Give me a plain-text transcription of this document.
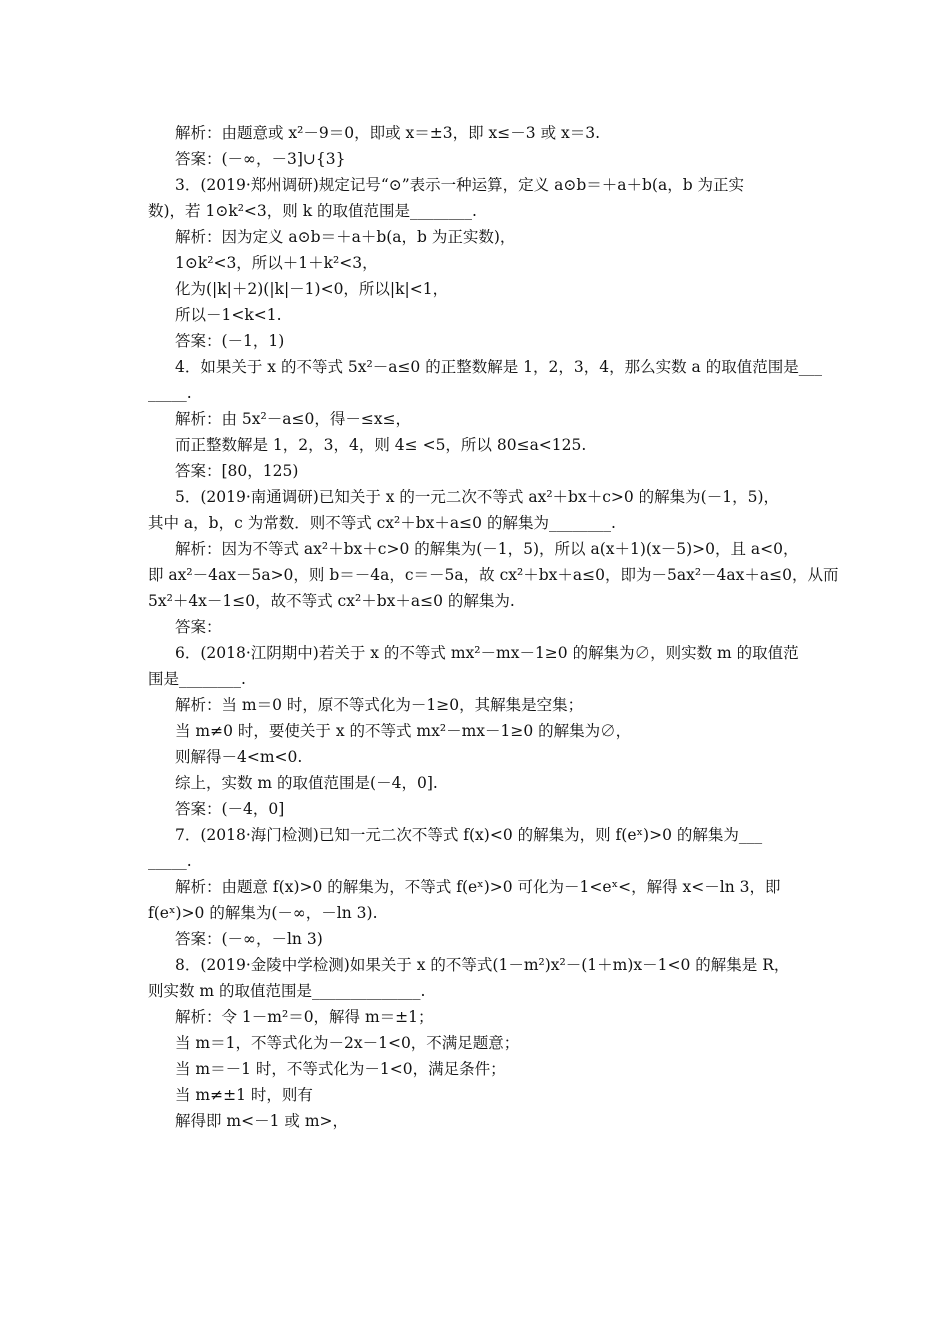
解析：由题意或 x²－9＝0，即或 x＝±3，即 x≤－3 或 x＝3.
答案：(－∞，－3]∪{3}
3．(2019·郑州调研)规定记号“⊙”表示一种运算，定义 a⊙b＝＋a＋b(a，b 为正实
数)，若 1⊙k²<3，则 k 的取值范围是________.
解析：因为定义 a⊙b＝＋a＋b(a，b 为正实数)，
1⊙k²<3，所以＋1＋k²<3，
化为(|k|＋2)(|k|－1)<0，所以|k|<1，
所以－1<k<1.
答案：(－1，1)
4．如果关于 x 的不等式 5x²－a≤0 的正整数解是 1，2，3，4，那么实数 a 的取值范围是___
_____.
解析：由 5x²－a≤0，得－≤x≤，
而正整数解是 1，2，3，4，则 4≤ <5，所以 80≤a<125.
答案：[80，125)
5．(2019·南通调研)已知关于 x 的一元二次不等式 ax²＋bx＋c>0 的解集为(－1，5)，
其中 a，b，c 为常数．则不等式 cx²＋bx＋a≤0 的解集为________.
解析：因为不等式 ax²＋bx＋c>0 的解集为(－1，5)，所以 a(x＋1)(x－5)>0，且 a<0，
即 ax²－4ax－5a>0，则 b＝－4a，c＝－5a，故 cx²＋bx＋a≤0，即为－5ax²－4ax＋a≤0，从而
5x²＋4x－1≤0，故不等式 cx²＋bx＋a≤0 的解集为.
答案：
6．(2018·江阴期中)若关于 x 的不等式 mx²－mx－1≥0 的解集为∅，则实数 m 的取值范
围是________.
解析：当 m＝0 时，原不等式化为－1≥0，其解集是空集；
当 m≠0 时，要使关于 x 的不等式 mx²－mx－1≥0 的解集为∅，
则解得－4<m<0.
综上，实数 m 的取值范围是(－4，0].
答案：(－4，0]
7．(2018·海门检测)已知一元二次不等式 f(x)<0 的解集为，则 f(eˣ)>0 的解集为___
_____.
解析：由题意 f(x)>0 的解集为，不等式 f(eˣ)>0 可化为－1<eˣ<，解得 x<－ln 3，即
f(eˣ)>0 的解集为(－∞，－ln 3).
答案：(－∞，－ln 3)
8．(2019·金陵中学检测)如果关于 x 的不等式(1－m²)x²－(1＋m)x－1<0 的解集是 R，
则实数 m 的取值范围是______________.
解析：令 1－m²＝0，解得 m＝±1；
当 m＝1，不等式化为－2x－1<0，不满足题意；
当 m＝－1 时，不等式化为－1<0，满足条件；
当 m≠±1 时，则有
解得即 m<－1 或 m>，
